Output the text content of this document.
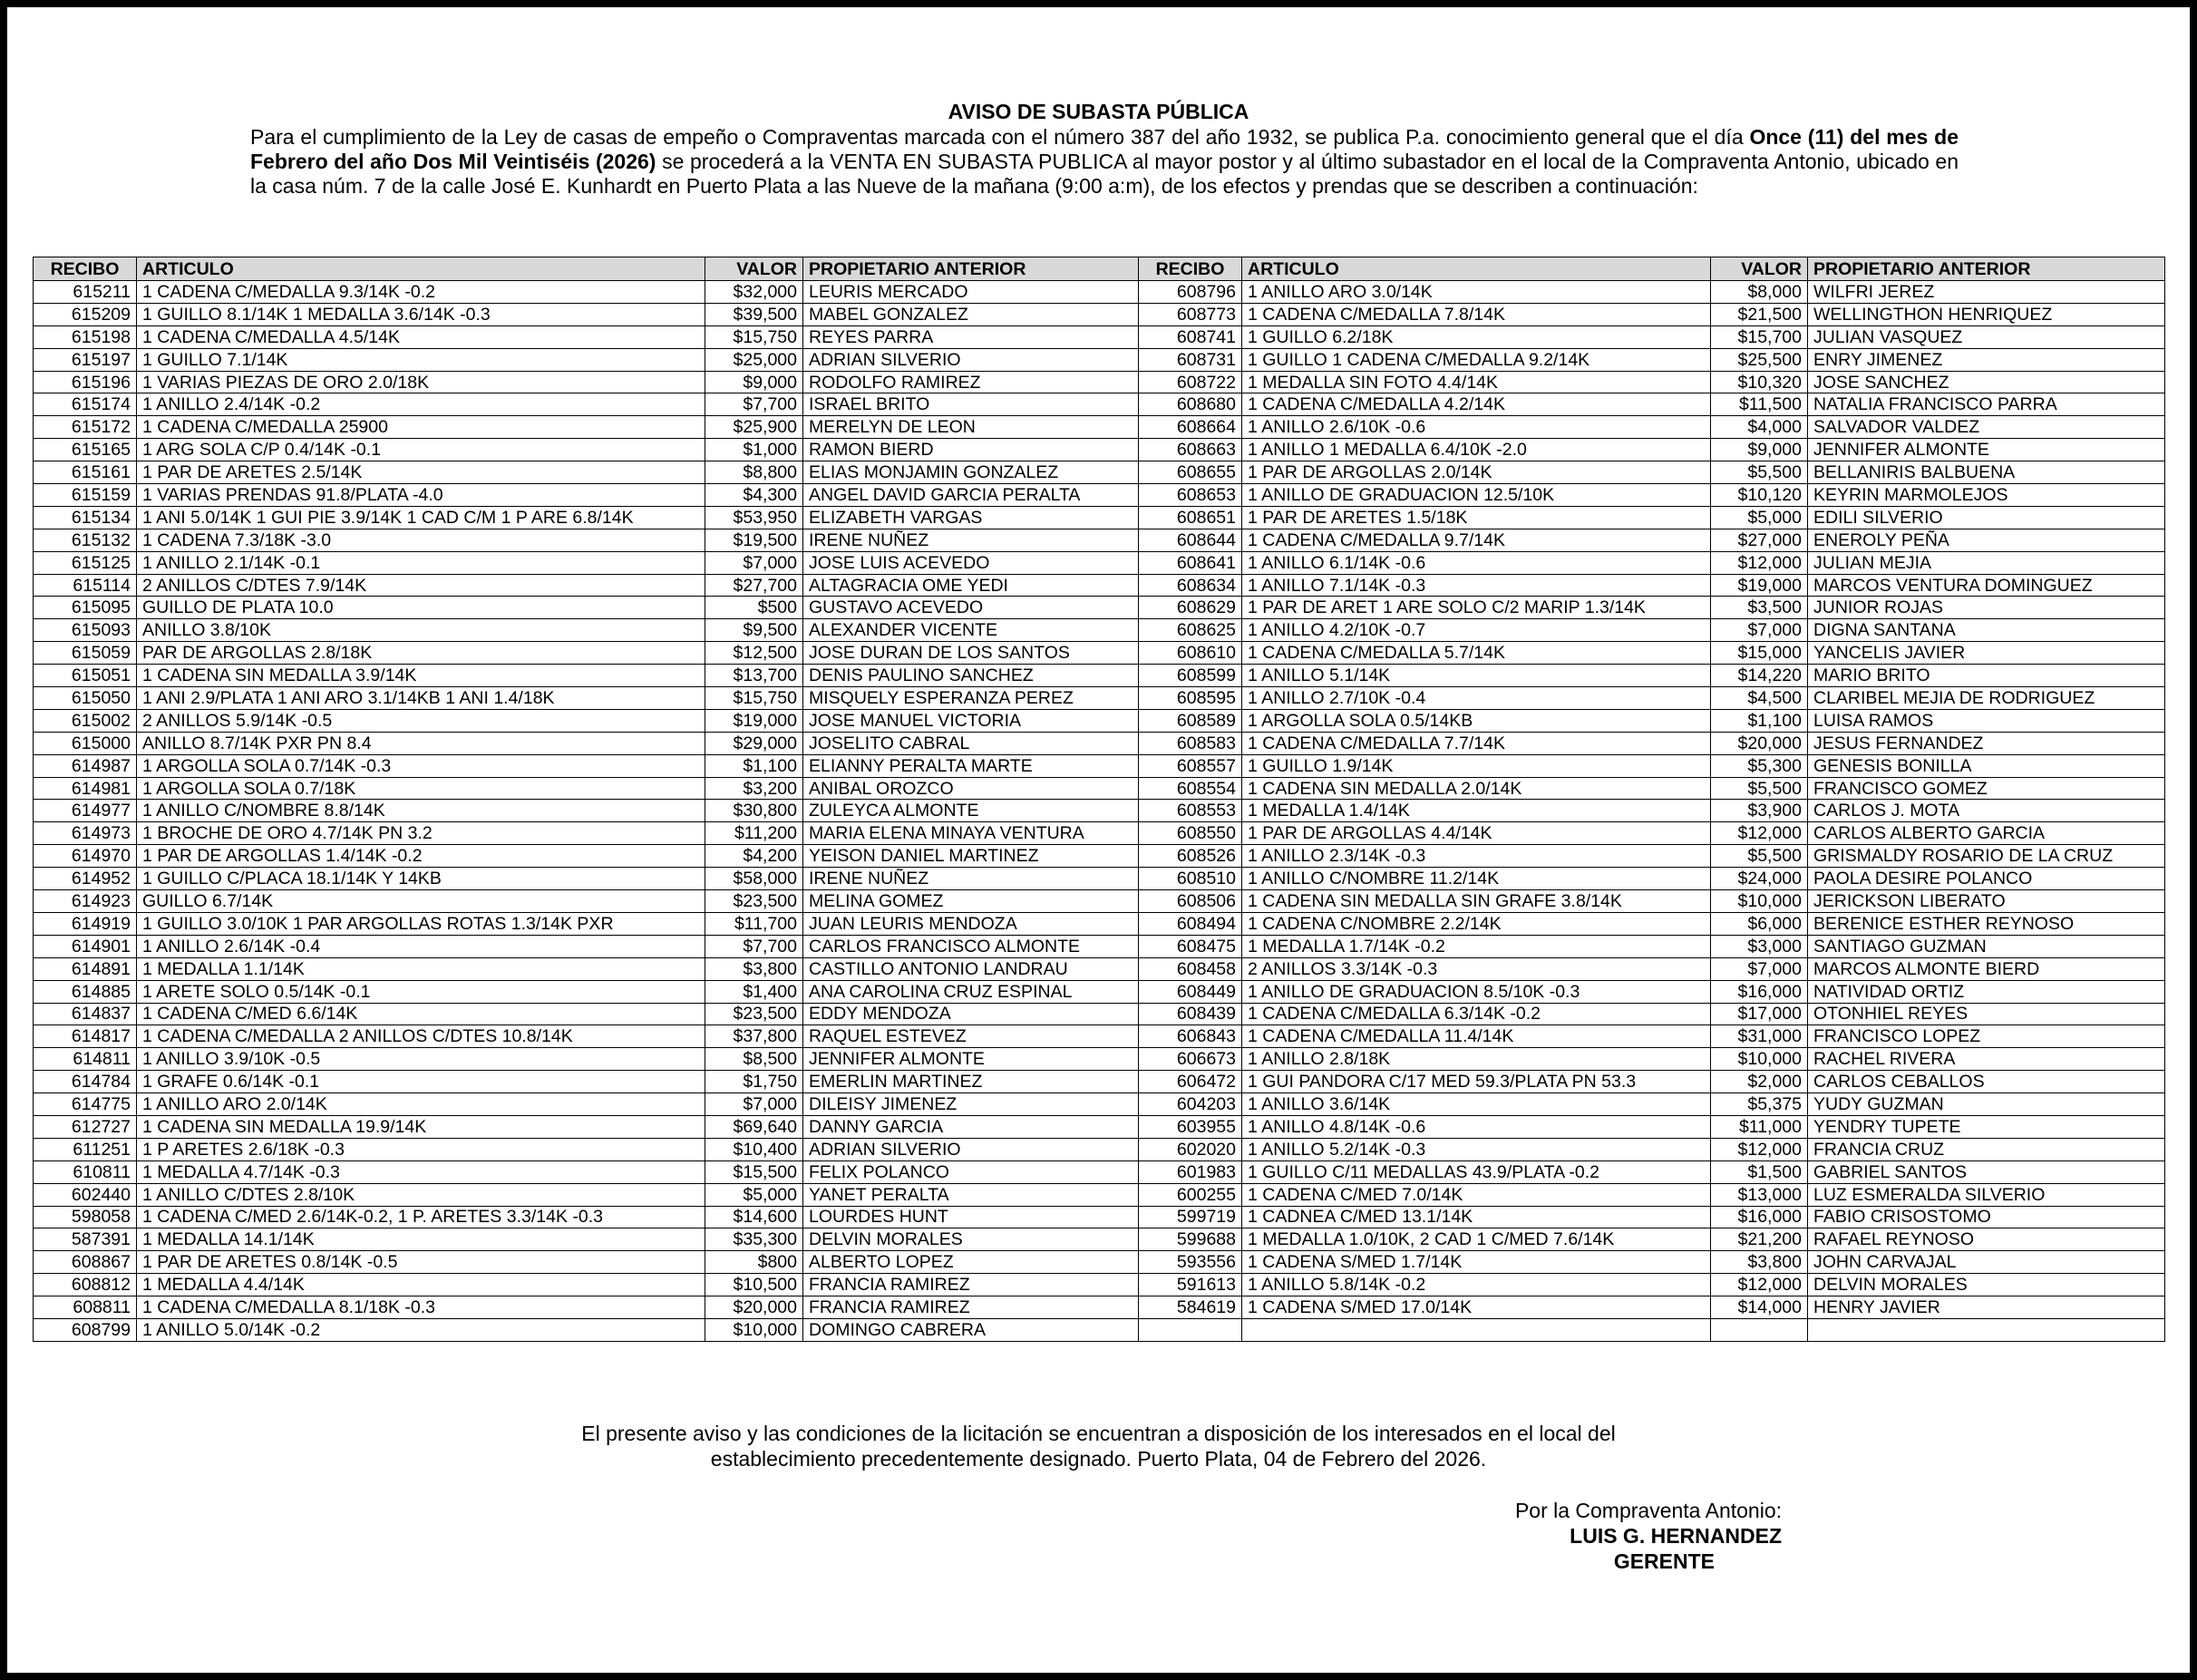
AVISO DE SUBASTA PÚBLICA
Para el cumplimiento de la Ley de casas de empeño o Compraventas marcada con el número 387 del año 1932, se publica P.a. conocimiento general que el día Once (11) del mes de Febrero del año Dos Mil Veintiséis (2026) se procederá a la VENTA EN SUBASTA PUBLICA al mayor postor y al último subastador en el local de la Compraventa Antonio, ubicado en la casa núm. 7 de la calle José E. Kunhardt en Puerto Plata a las Nueve de la mañana (9:00 a:m), de los efectos y prendas que se describen a continuación:
RECIBO	ARTICULO	VALOR	PROPIETARIO ANTERIOR	RECIBO	ARTICULO	VALOR	PROPIETARIO ANTERIOR
615211	1 CADENA C/MEDALLA 9.3/14K -0.2	$32,000	LEURIS MERCADO	608796	1 ANILLO ARO 3.0/14K	$8,000	WILFRI JEREZ
615209	1 GUILLO 8.1/14K 1 MEDALLA 3.6/14K -0.3	$39,500	MABEL GONZALEZ	608773	1 CADENA C/MEDALLA 7.8/14K	$21,500	WELLINGTHON HENRIQUEZ
615198	1 CADENA C/MEDALLA 4.5/14K	$15,750	REYES PARRA	608741	1 GUILLO 6.2/18K	$15,700	JULIAN VASQUEZ
615197	1 GUILLO 7.1/14K	$25,000	ADRIAN SILVERIO	608731	1 GUILLO 1 CADENA C/MEDALLA 9.2/14K	$25,500	ENRY JIMENEZ
615196	1 VARIAS PIEZAS DE ORO 2.0/18K	$9,000	RODOLFO RAMIREZ	608722	1 MEDALLA SIN FOTO 4.4/14K	$10,320	JOSE SANCHEZ
615174	1 ANILLO 2.4/14K -0.2	$7,700	ISRAEL BRITO	608680	1 CADENA C/MEDALLA 4.2/14K	$11,500	NATALIA FRANCISCO PARRA
615172	1 CADENA C/MEDALLA 25900	$25,900	MERELYN DE LEON	608664	1 ANILLO 2.6/10K -0.6	$4,000	SALVADOR VALDEZ
615165	1 ARG SOLA C/P 0.4/14K -0.1	$1,000	RAMON BIERD	608663	1 ANILLO 1 MEDALLA 6.4/10K -2.0	$9,000	JENNIFER ALMONTE
615161	1 PAR DE ARETES 2.5/14K	$8,800	ELIAS MONJAMIN GONZALEZ	608655	1 PAR DE ARGOLLAS 2.0/14K	$5,500	BELLANIRIS BALBUENA
615159	1 VARIAS PRENDAS 91.8/PLATA -4.0	$4,300	ANGEL DAVID GARCIA PERALTA	608653	1 ANILLO DE GRADUACION 12.5/10K	$10,120	KEYRIN MARMOLEJOS
615134	1 ANI 5.0/14K 1 GUI PIE 3.9/14K 1 CAD C/M 1 P ARE 6.8/14K	$53,950	ELIZABETH VARGAS	608651	1 PAR DE ARETES 1.5/18K	$5,000	EDILI SILVERIO
615132	1 CADENA 7.3/18K -3.0	$19,500	IRENE NUÑEZ	608644	1 CADENA C/MEDALLA 9.7/14K	$27,000	ENEROLY PEÑA
615125	1 ANILLO 2.1/14K -0.1	$7,000	JOSE LUIS ACEVEDO	608641	1 ANILLO 6.1/14K -0.6	$12,000	JULIAN MEJIA
615114	2 ANILLOS C/DTES 7.9/14K	$27,700	ALTAGRACIA OME YEDI	608634	1 ANILLO 7.1/14K -0.3	$19,000	MARCOS VENTURA DOMINGUEZ
615095	GUILLO DE PLATA 10.0	$500	GUSTAVO ACEVEDO	608629	1 PAR DE ARET 1 ARE SOLO C/2 MARIP 1.3/14K	$3,500	JUNIOR ROJAS
615093	ANILLO 3.8/10K	$9,500	ALEXANDER VICENTE	608625	1 ANILLO 4.2/10K -0.7	$7,000	DIGNA SANTANA
615059	PAR DE ARGOLLAS 2.8/18K	$12,500	JOSE DURAN DE LOS SANTOS	608610	1 CADENA C/MEDALLA 5.7/14K	$15,000	YANCELIS JAVIER
615051	1 CADENA SIN MEDALLA 3.9/14K	$13,700	DENIS PAULINO SANCHEZ	608599	1 ANILLO 5.1/14K	$14,220	MARIO BRITO
615050	1 ANI 2.9/PLATA 1 ANI ARO 3.1/14KB 1 ANI 1.4/18K	$15,750	MISQUELY ESPERANZA PEREZ	608595	1 ANILLO 2.7/10K -0.4	$4,500	CLARIBEL MEJIA DE RODRIGUEZ
615002	2 ANILLOS 5.9/14K -0.5	$19,000	JOSE MANUEL VICTORIA	608589	1 ARGOLLA SOLA 0.5/14KB	$1,100	LUISA RAMOS
615000	ANILLO 8.7/14K PXR PN 8.4	$29,000	JOSELITO CABRAL	608583	1 CADENA C/MEDALLA 7.7/14K	$20,000	JESUS FERNANDEZ
614987	1 ARGOLLA SOLA 0.7/14K -0.3	$1,100	ELIANNY PERALTA MARTE	608557	1 GUILLO 1.9/14K	$5,300	GENESIS BONILLA
614981	1 ARGOLLA SOLA 0.7/18K	$3,200	ANIBAL OROZCO	608554	1 CADENA SIN MEDALLA 2.0/14K	$5,500	FRANCISCO GOMEZ
614977	1 ANILLO C/NOMBRE 8.8/14K	$30,800	ZULEYCA ALMONTE	608553	1 MEDALLA 1.4/14K	$3,900	CARLOS J. MOTA
614973	1 BROCHE DE ORO 4.7/14K PN 3.2	$11,200	MARIA ELENA MINAYA VENTURA	608550	1 PAR DE ARGOLLAS 4.4/14K	$12,000	CARLOS ALBERTO GARCIA
614970	1 PAR DE ARGOLLAS 1.4/14K -0.2	$4,200	YEISON DANIEL MARTINEZ	608526	1 ANILLO 2.3/14K -0.3	$5,500	GRISMALDY ROSARIO DE LA CRUZ
614952	1 GUILLO C/PLACA 18.1/14K Y 14KB	$58,000	IRENE NUÑEZ	608510	1 ANILLO C/NOMBRE 11.2/14K	$24,000	PAOLA DESIRE POLANCO
614923	GUILLO 6.7/14K	$23,500	MELINA GOMEZ	608506	1 CADENA SIN MEDALLA SIN GRAFE 3.8/14K	$10,000	JERICKSON LIBERATO
614919	1 GUILLO 3.0/10K 1 PAR ARGOLLAS ROTAS 1.3/14K PXR	$11,700	JUAN LEURIS MENDOZA	608494	1 CADENA C/NOMBRE 2.2/14K	$6,000	BERENICE ESTHER REYNOSO
614901	1 ANILLO 2.6/14K -0.4	$7,700	CARLOS FRANCISCO ALMONTE	608475	1 MEDALLA 1.7/14K -0.2	$3,000	SANTIAGO GUZMAN
614891	1 MEDALLA 1.1/14K	$3,800	CASTILLO ANTONIO LANDRAU	608458	2 ANILLOS 3.3/14K -0.3	$7,000	MARCOS ALMONTE BIERD
614885	1 ARETE SOLO 0.5/14K -0.1	$1,400	ANA CAROLINA CRUZ ESPINAL	608449	1 ANILLO DE GRADUACION 8.5/10K -0.3	$16,000	NATIVIDAD ORTIZ
614837	1 CADENA C/MED 6.6/14K	$23,500	EDDY MENDOZA	608439	1 CADENA C/MEDALLA 6.3/14K -0.2	$17,000	OTONHIEL REYES
614817	1 CADENA C/MEDALLA 2 ANILLOS C/DTES 10.8/14K	$37,800	RAQUEL ESTEVEZ	606843	1 CADENA C/MEDALLA 11.4/14K	$31,000	FRANCISCO LOPEZ
614811	1 ANILLO 3.9/10K -0.5	$8,500	JENNIFER ALMONTE	606673	1 ANILLO 2.8/18K	$10,000	RACHEL RIVERA
614784	1 GRAFE 0.6/14K -0.1	$1,750	EMERLIN MARTINEZ	606472	1 GUI PANDORA C/17 MED 59.3/PLATA PN 53.3	$2,000	CARLOS CEBALLOS
614775	1 ANILLO ARO 2.0/14K	$7,000	DILEISY JIMENEZ	604203	1 ANILLO 3.6/14K	$5,375	YUDY GUZMAN
612727	1 CADENA SIN MEDALLA 19.9/14K	$69,640	DANNY GARCIA	603955	1 ANILLO 4.8/14K -0.6	$11,000	YENDRY TUPETE
611251	1 P ARETES 2.6/18K -0.3	$10,400	ADRIAN SILVERIO	602020	1 ANILLO 5.2/14K -0.3	$12,000	FRANCIA CRUZ
610811	1 MEDALLA 4.7/14K -0.3	$15,500	FELIX POLANCO	601983	1 GUILLO C/11 MEDALLAS 43.9/PLATA -0.2	$1,500	GABRIEL SANTOS
602440	1 ANILLO C/DTES 2.8/10K	$5,000	YANET PERALTA	600255	1 CADENA C/MED 7.0/14K	$13,000	LUZ ESMERALDA SILVERIO
598058	1 CADENA C/MED 2.6/14K-0.2, 1 P. ARETES 3.3/14K -0.3	$14,600	LOURDES HUNT	599719	1 CADNEA C/MED 13.1/14K	$16,000	FABIO CRISOSTOMO
587391	1 MEDALLA 14.1/14K	$35,300	DELVIN MORALES	599688	1 MEDALLA 1.0/10K, 2 CAD 1 C/MED 7.6/14K	$21,200	RAFAEL REYNOSO
608867	1 PAR DE ARETES 0.8/14K -0.5	$800	ALBERTO LOPEZ	593556	1 CADENA S/MED 1.7/14K	$3,800	JOHN CARVAJAL
608812	1 MEDALLA 4.4/14K	$10,500	FRANCIA RAMIREZ	591613	1 ANILLO 5.8/14K -0.2	$12,000	DELVIN MORALES
608811	1 CADENA C/MEDALLA 8.1/18K -0.3	$20,000	FRANCIA RAMIREZ	584619	1 CADENA S/MED 17.0/14K	$14,000	HENRY JAVIER
608799	1 ANILLO 5.0/14K -0.2	$10,000	DOMINGO CABRERA				
El presente aviso y las condiciones de la licitación se encuentran a disposición de los interesados en el local del
establecimiento precedentemente designado. Puerto Plata, 04 de Febrero del 2026.
Por la Compraventa Antonio:
LUIS G. HERNANDEZ
GERENTE
